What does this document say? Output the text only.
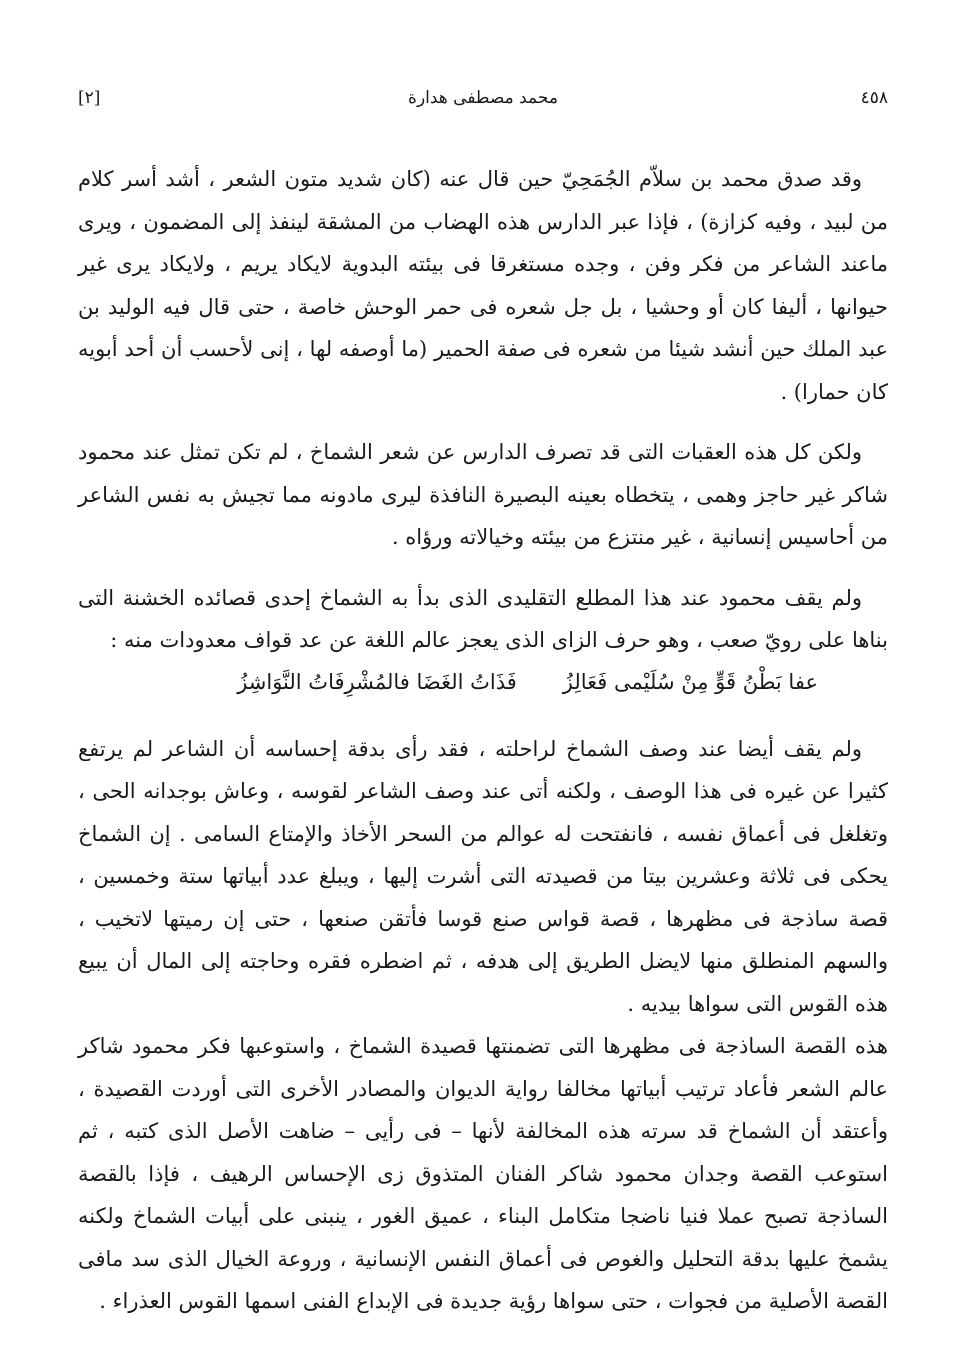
٤٥٨
محمد مصطفى هدارة
[٢]

وقد صدق محمد بن سلاّم الجُمَحِيّ حين قال عنه (كان شديد متون الشعر ، أشد أسر كلام من لبيد ، وفيه كزازة) ، فإذا عبر الدارس هذه الهضاب من المشقة لينفذ إلى المضمون ، ويرى ماعند الشاعر من فكر وفن ، وجده مستغرقا فى بيئته البدوية لايكاد يريم ، ولايكاد يرى غير حيوانها ، أليفا كان أو وحشيا ، بل جل شعره فى حمر الوحش خاصة ، حتى قال فيه الوليد بن عبد الملك حين أنشد شيئا من شعره فى صفة الحمير (ما أوصفه لها ، إنى لأحسب أن أحد أبويه كان حمارا) .

ولكن كل هذه العقبات التى قد تصرف الدارس عن شعر الشماخ ، لم تكن تمثل عند محمود شاكر غير حاجز وهمى ، يتخطاه بعينه البصيرة النافذة ليرى مادونه مما تجيش به نفس الشاعر من أحاسيس إنسانية ، غير منتزع من بيئته وخيالاته ورؤاه .

ولم يقف محمود عند هذا المطلع التقليدى الذى بدأ به الشماخ إحدى قصائده الخشنة التى بناها على رويّ صعب ، وهو حرف الزاى الذى يعجز عالم اللغة عن عد قواف معدودات منه :

عفا بَطْنُ قَوٍّ مِنْ سُلَيْمى فَعَالِزُ
فَذَاتُ الغَضَا فالمُشْرِفَاتُ النَّوَاشِزُ

ولم يقف أيضا عند وصف الشماخ لراحلته ، فقد رأى بدقة إحساسه أن الشاعر لم يرتفع كثيرا عن غيره فى هذا الوصف ، ولكنه أتى عند وصف الشاعر لقوسه ، وعاش بوجدانه الحى ، وتغلغل فى أعماق نفسه ، فانفتحت له عوالم من السحر الأخاذ والإمتاع السامى . إن الشماخ يحكى فى ثلاثة وعشرين بيتا من قصيدته التى أشرت إليها ، ويبلغ عدد أبياتها ستة وخمسين ، قصة ساذجة فى مظهرها ، قصة قواس صنع قوسا فأتقن صنعها ، حتى إن رميتها لاتخيب ، والسهم المنطلق منها لايضل الطريق إلى هدفه ، ثم اضطره فقره وحاجته إلى المال أن يبيع هذه القوس التى سواها بيديه .

هذه القصة الساذجة فى مظهرها التى تضمنتها قصيدة الشماخ ، واستوعبها فكر محمود شاكر عالم الشعر فأعاد ترتيب أبياتها مخالفا رواية الديوان والمصادر الأخرى التى أوردت القصيدة ، وأعتقد أن الشماخ قد سرته هذه المخالفة لأنها – فى رأيى – ضاهت الأصل الذى كتبه ، ثم استوعب القصة وجدان محمود شاكر الفنان المتذوق زى الإحساس الرهيف ، فإذا بالقصة الساذجة تصبح عملا فنيا ناضجا متكامل البناء ، عميق الغور ، ينبنى على أبيات الشماخ ولكنه يشمخ عليها بدقة التحليل والغوص فى أعماق النفس الإنسانية ، وروعة الخيال الذى سد مافى القصة الأصلية من فجوات ، حتى سواها رؤية جديدة فى الإبداع الفنى اسمها القوس العذراء .
